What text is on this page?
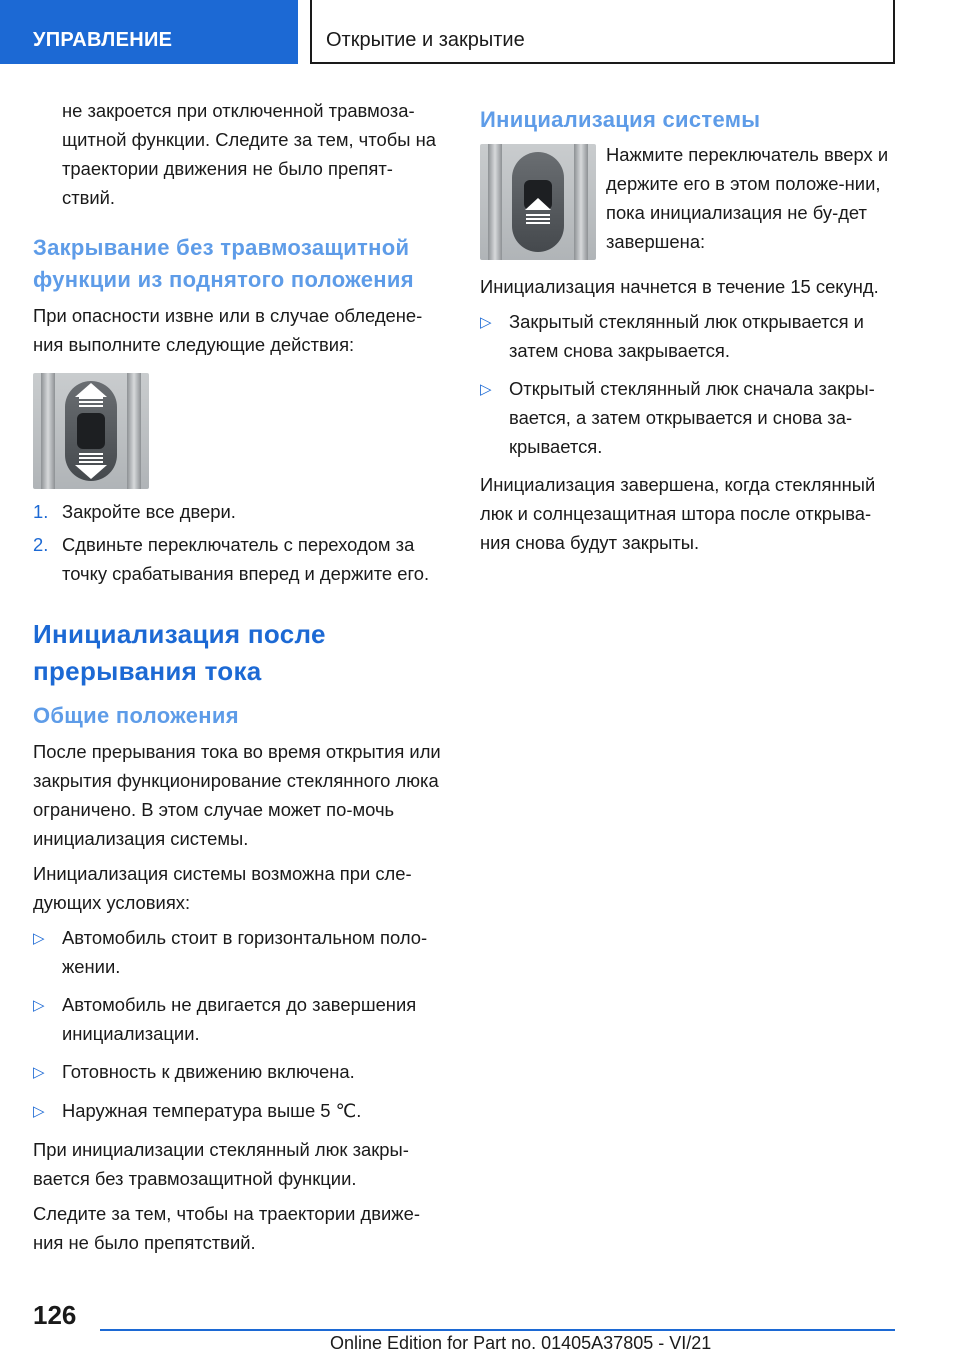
УПРАВЛЕНИЕ	Открытие и закрытие

не закроется при отключенной травмоза-щитной функции. Следите за тем, чтобы на траектории движения не было препят-ствий.

Закрывание без травмозащитной функции из поднятого положения

При опасности извне или в случае обледене-ния выполните следующие действия:

1. Закройте все двери.
2. Сдвиньте переключатель с переходом за точку срабатывания вперед и держите его.
Инициализация после прерывания тока
Общие положения

После прерывания тока во время открытия или закрытия функционирование стеклянного люка ограничено. В этом случае может по-мочь инициализация системы.

Инициализация системы возможна при сле-дующих условиях:

▷ Автомобиль стоит в горизонтальном поло-жении.
▷ Автомобиль не двигается до завершения инициализации.
▷ Готовность к движению включена.
▷ Наружная температура выше 5 ℃.

При инициализации стеклянный люк закры-вается без травмозащитной функции.

Следите за тем, чтобы на траектории движе-ния не было препятствий.

Инициализация системы

Нажмите переключатель вверх и держите его в этом положе-нии, пока инициализация не бу-дет завершена:

Инициализация начнется в течение 15 секунд.

▷ Закрытый стеклянный люк открывается и затем снова закрывается.
▷ Открытый стеклянный люк сначала закры-вается, а затем открывается и снова за-крывается.

Инициализация завершена, когда стеклянный люк и солнцезащитная штора после открыва-ния снова будут закрыты.

126
Online Edition for Part no. 01405A37805 - VI/21
